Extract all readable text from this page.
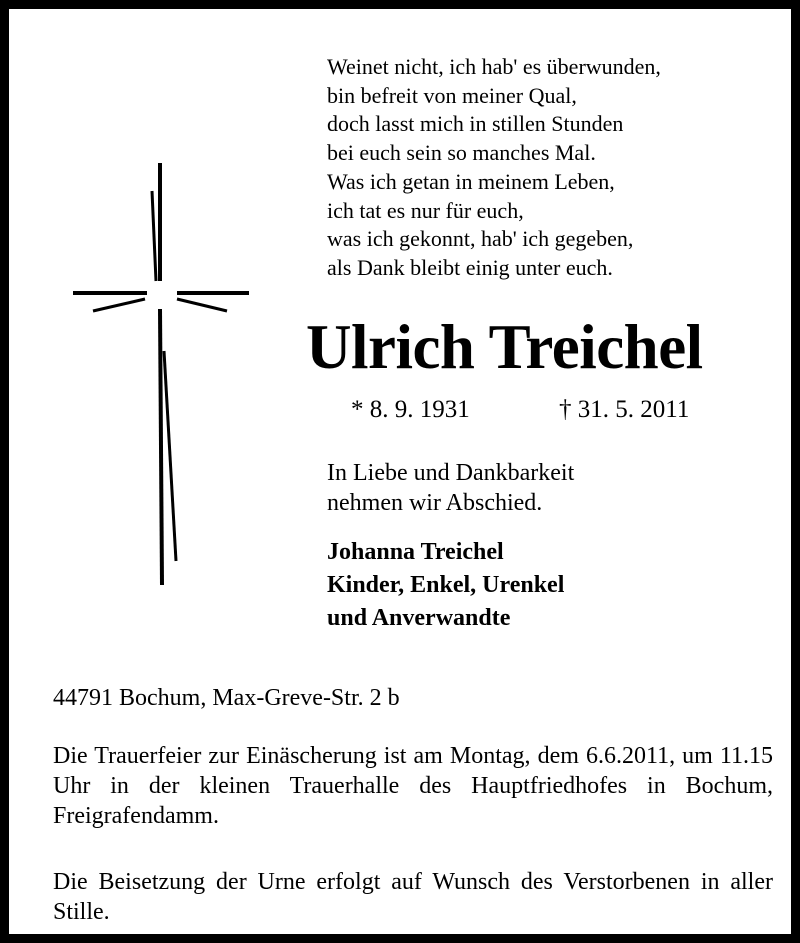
Weinet nicht, ich hab' es überwunden,
bin befreit von meiner Qual,
doch lasst mich in stillen Stunden
bei euch sein so manches Mal.
Was ich getan in meinem Leben,
ich tat es nur für euch,
was ich gekonnt, hab' ich gegeben,
als Dank bleibt einig unter euch.
Ulrich Treichel
* 8. 9. 1931	† 31. 5. 2011
In Liebe und Dankbarkeit
nehmen wir Abschied.
Johanna Treichel
Kinder, Enkel, Urenkel
und Anverwandte
44791 Bochum, Max-Greve-Str. 2 b
Die Trauerfeier zur Einäscherung ist am Montag, dem 6.6.2011, um 11.15 Uhr in der kleinen Trauerhalle des Hauptfriedhofes in Bochum, Freigrafendamm.
Die Beisetzung der Urne erfolgt auf Wunsch des Verstorbenen in aller Stille.
